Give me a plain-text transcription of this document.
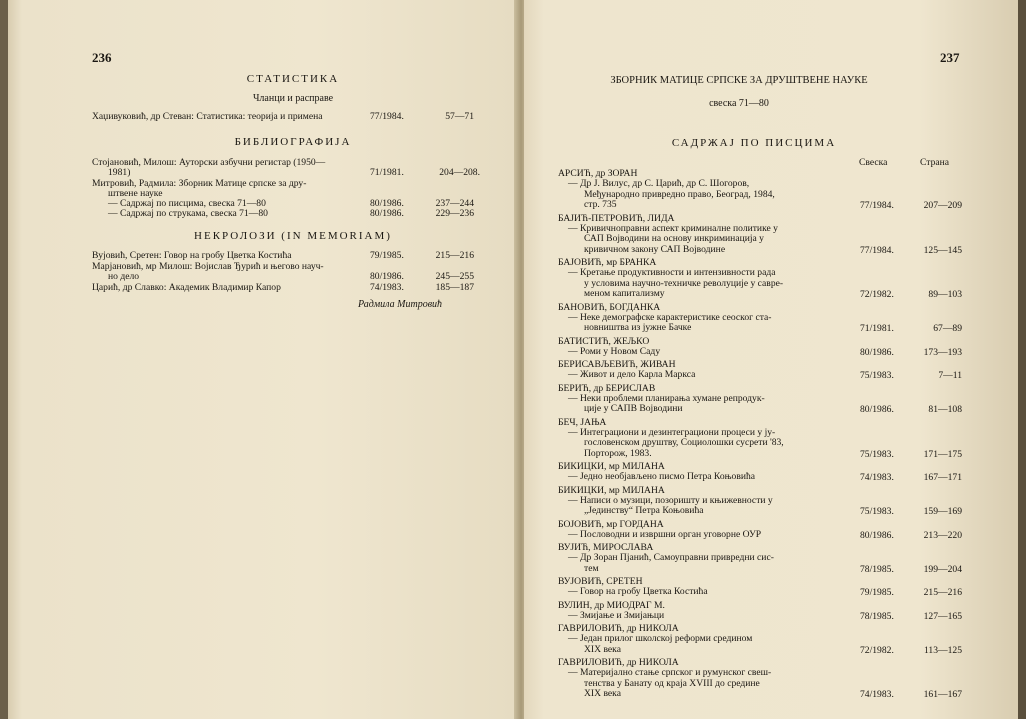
236
СТАТИСТИКА
Чланци и расправе
Хаџивуковић, др Стеван: Статистика: теорија и примена	77/1984.	57—71
БИБЛИОГРАФИЈА
Стојановић, Милош: Ауторски азбучни регистар (1950—
1981)	71/1981.	204—208.
Митровић, Радмила: Зборник Матице српске за дру-
штвене науке
— Садржај по писцима, свеска 71—80	80/1986.	237—244
— Садржај по струкама, свеска 71—80	80/1986.	229—236
НЕКРОЛОЗИ (IN MEMORIAM)
Вујовић, Сретен: Говор на гробу Цветка Костића	79/1985.	215—216
Марјановић, мр Милош: Војислав Ђурић и његово науч-
но дело	80/1986.	245—255
Царић, др Славко: Академик Владимир Капор	74/1983.	185—187
Радмила Митровић
237
ЗБОРНИК МАТИЦЕ СРПСКЕ ЗА ДРУШТВЕНЕ НАУКЕ
свеска 71—80
САДРЖАЈ ПО ПИСЦИМА
Свеска	Страна
АРСИЋ, др ЗОРАН
— Др Ј. Вилус, др С. Царић, др С. Шогоров,
Међународно привредно право, Београд, 1984,
стр. 735	77/1984.	207—209
БАЈИЋ-ПЕТРОВИЋ, ЛИДА
— Кривичноправни аспект криминалне политике у
САП Војводини на основу инкриминација у
кривичном закону САП Војводине	77/1984.	125—145
БАЈОВИЋ, мр БРАНКА
— Кретање продуктивности и интензивности рада
у условима научно-техничке револуције у савре-
меном капитализму	72/1982.	89—103
БАНОВИЋ, БОГДАНКА
— Неке демографске карактеристике сеоског ста-
новништва из јужне Бачке	71/1981.	67—89
БАТИСТИЋ, ЖЕЉКО
— Роми у Новом Саду	80/1986.	173—193
БЕРИСАВЉЕВИЋ, ЖИВАН
— Живот и дело Карла Маркса	75/1983.	7—11
БЕРИЋ, др БЕРИСЛАВ
— Неки проблеми планирања хумане репродук-
ције у САПВ Војводини	80/1986.	81—108
БЕЧ, ЈАЊА
— Интеграциони и дезинтеграциони процеси у ју-
гословенском друштву, Социолошки сусрети '83,
Порторож, 1983.	75/1983.	171—175
БИКИЦКИ, мр МИЛАНА
— Једно необјављено писмо Петра Коњовића	74/1983.	167—171
БИКИЦКИ, мр МИЛАНА
— Написи о музици, позоришту и књижевности у
„Јединству“ Петра Коњовића	75/1983.	159—169
БОЈОВИЋ, мр ГОРДАНА
— Пословодни и извршни орган уговорне ОУР	80/1986.	213—220
ВУЈИЋ, МИРОСЛАВА
— Др Зоран Пјанић, Самоуправни привредни сис-
тем	78/1985.	199—204
ВУЈОВИЋ, СРЕТЕН
— Говор на гробу Цветка Костића	79/1985.	215—216
ВУЛИН, др МИОДРАГ М.
— Змијање и Змијањци	78/1985.	127—165
ГАВРИЛОВИЋ, др НИКОЛА
— Један прилог школској реформи средином
XIX века	72/1982.	113—125
ГАВРИЛОВИЋ, др НИКОЛА
— Материјално стање српског и румунског свеш-
тенства у Банату од краја XVIII до средине
XIX века	74/1983.	161—167
